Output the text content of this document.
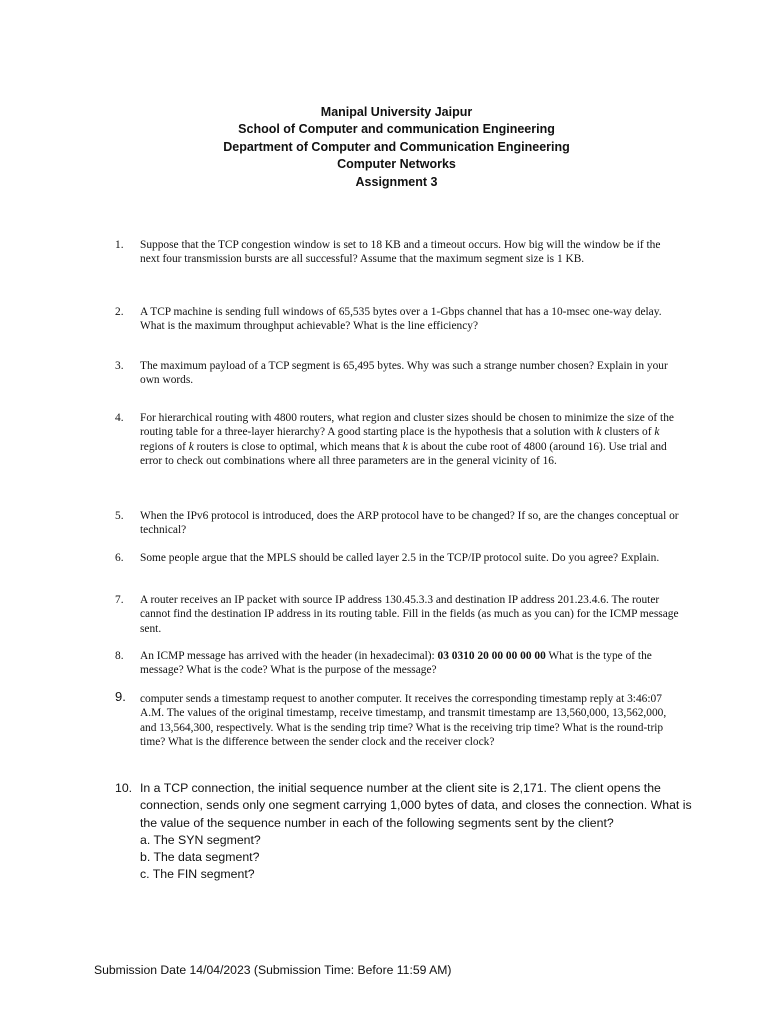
Manipal University Jaipur
School of Computer and communication Engineering
Department of Computer and Communication Engineering
Computer Networks
Assignment 3
1. Suppose that the TCP congestion window is set to 18 KB and a timeout occurs. How big will the window be if the next four transmission bursts are all successful? Assume that the maximum segment size is 1 KB.
2. A TCP machine is sending full windows of 65,535 bytes over a 1-Gbps channel that has a 10-msec one-way delay. What is the maximum throughput achievable? What is the line efficiency?
3. The maximum payload of a TCP segment is 65,495 bytes. Why was such a strange number chosen? Explain in your own words.
4. For hierarchical routing with 4800 routers, what region and cluster sizes should be chosen to minimize the size of the routing table for a three-layer hierarchy? A good starting place is the hypothesis that a solution with k clusters of k regions of k routers is close to optimal, which means that k is about the cube root of 4800 (around 16). Use trial and error to check out combinations where all three parameters are in the general vicinity of 16.
5. When the IPv6 protocol is introduced, does the ARP protocol have to be changed? If so, are the changes conceptual or technical?
6. Some people argue that the MPLS should be called layer 2.5 in the TCP/IP protocol suite. Do you agree? Explain.
7. A router receives an IP packet with source IP address 130.45.3.3 and destination IP address 201.23.4.6. The router cannot find the destination IP address in its routing table. Fill in the fields (as much as you can) for the ICMP message sent.
8. An ICMP message has arrived with the header (in hexadecimal): 03 0310 20 00 00 00 00 What is the type of the message? What is the code? What is the purpose of the message?
9. computer sends a timestamp request to another computer. It receives the corresponding timestamp reply at 3:46:07 A.M. The values of the original timestamp, receive timestamp, and transmit timestamp are 13,560,000, 13,562,000, and 13,564,300, respectively. What is the sending trip time? What is the receiving trip time? What is the round-trip time? What is the difference between the sender clock and the receiver clock?
10. In a TCP connection, the initial sequence number at the client site is 2,171. The client opens the connection, sends only one segment carrying 1,000 bytes of data, and closes the connection. What is the value of the sequence number in each of the following segments sent by the client?
a. The SYN segment?
b. The data segment?
c. The FIN segment?
Submission Date 14/04/2023 (Submission Time: Before 11:59 AM)
